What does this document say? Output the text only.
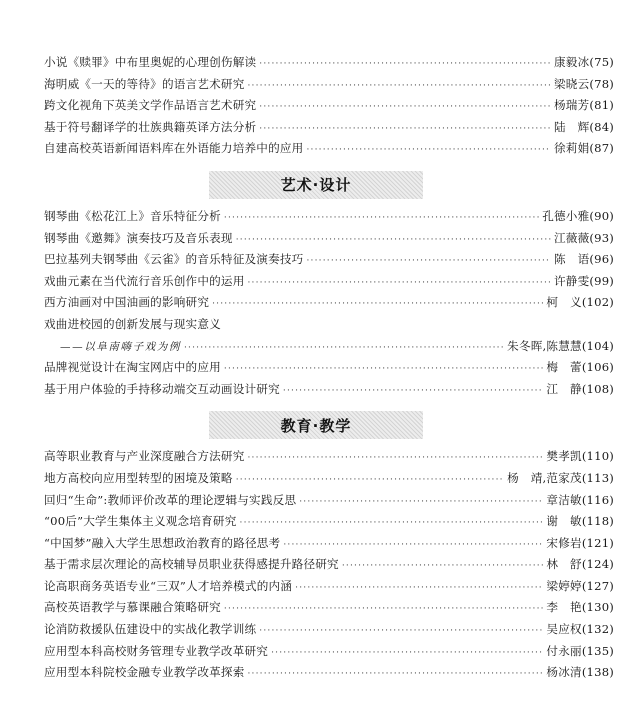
小说《赎罪》中布里奥妮的心理创伤解读 ·····	康毅冰 (75)
海明威《一天的等待》的语言艺术研究 ·····	梁晓云 (78)
跨文化视角下英美文学作品语言艺术研究 ·····	杨瑞芳 (81)
基于符号翻译学的壮族典籍英译方法分析 ·····	陆　辉 (84)
自建高校英语新闻语料库在外语能力培养中的应用 ·····	徐莉娟 (87)
艺术·设计
钢琴曲《松花江上》音乐特征分析 ·····	孔德小雅 (90)
钢琴曲《邀舞》演奏技巧及音乐表现 ·····	江薇薇 (93)
巴拉基列夫钢琴曲《云雀》的音乐特征及演奏技巧 ·····	陈　语 (96)
戏曲元素在当代流行音乐创作中的运用 ·····	许静雯 (99)
西方油画对中国油画的影响研究 ·····	柯　义 (102)
戏曲进校园的创新发展与现实意义
——以阜南嗨子戏为例 ·····	朱冬晖,陈慧慧 (104)
品牌视觉设计在淘宝网店中的应用 ·····	梅　蕾 (106)
基于用户体验的手持移动端交互动画设计研究 ·····	江　静 (108)
教育·教学
高等职业教育与产业深度融合方法研究 ·····	樊孝凯 (110)
地方高校向应用型转型的困境及策略 ·····	杨　靖,范家茂 (113)
回归“生命”:教师评价改革的理论逻辑与实践反思 ·····	章洁敏 (116)
“00后”大学生集体主义观念培育研究 ·····	谢　敏 (118)
“中国梦”融入大学生思想政治教育的路径思考 ·····	宋修岩 (121)
基于需求层次理论的高校辅导员职业获得感提升路径研究 ·····	林　舒 (124)
论高职商务英语专业“三双”人才培养模式的内涵 ·····	梁婷婷 (127)
高校英语教学与慕课融合策略研究 ·····	李　艳 (130)
论消防救援队伍建设中的实战化教学训练 ·····	吴应权 (132)
应用型本科高校财务管理专业教学改革研究 ·····	付永丽 (135)
应用型本科院校金融专业教学改革探索 ·····	杨冰清 (138)
